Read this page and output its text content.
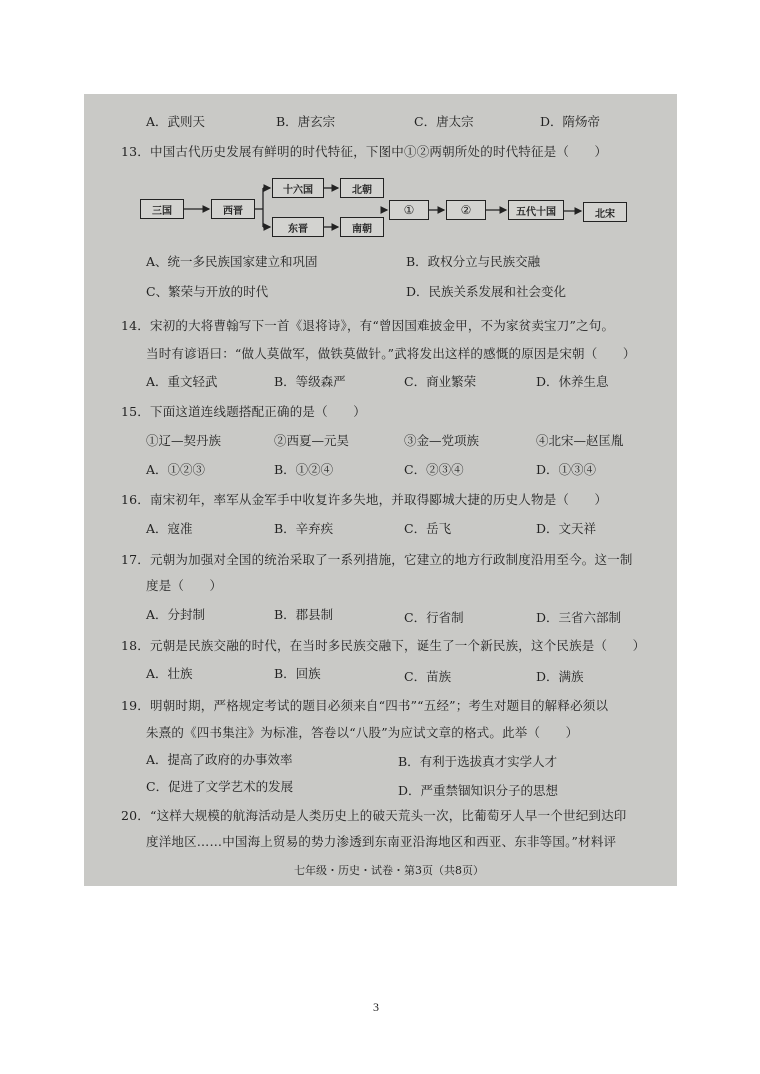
A．武则天	B．唐玄宗	C．唐太宗	D．隋炀帝
13．中国古代历史发展有鲜明的时代特征，下图中①②两朝所处的时代特征是（　　）
三国	西晋
十六国
东晋
北朝
南朝
①	②	五代十国	北宋
A、统一多民族国家建立和巩固	B．政权分立与民族交融
C、繁荣与开放的时代	D．民族关系发展和社会变化
14．宋初的大将曹翰写下一首《退将诗》，有“曾因国难披金甲，不为家贫卖宝刀”之句。
当时有谚语曰：“做人莫做军，做铁莫做针。”武将发出这样的感慨的原因是宋朝（　　）
A．重文轻武	B．等级森严	C．商业繁荣	D．休养生息
15．下面这道连线题搭配正确的是（　　）
①辽—契丹族	②西夏—元昊	③金—党项族	④北宋—赵匡胤
A．①②③	B．①②④	C．②③④	D．①③④
16．南宋初年，率军从金军手中收复许多失地，并取得郾城大捷的历史人物是（　　）
A．寇准	B．辛弃疾	C．岳飞	D．文天祥
17．元朝为加强对全国的统治采取了一系列措施，它建立的地方行政制度沿用至今。这一制
度是（　　）
A．分封制	B．郡县制	C．行省制	D．三省六部制
18．元朝是民族交融的时代，在当时多民族交融下，诞生了一个新民族，这个民族是（　　）
A．壮族	B．回族	C．苗族	D．满族
19．明朝时期，严格规定考试的题目必须来自“四书”“五经”；考生对题目的解释必须以
朱熹的《四书集注》为标准，答卷以“八股”为应试文章的格式。此举（　　）
A．提高了政府的办事效率	B．有利于选拔真才实学人才
C．促进了文学艺术的发展	D．严重禁锢知识分子的思想
20．“这样大规模的航海活动是人类历史上的破天荒头一次，比葡萄牙人早一个世纪到达印
度洋地区……中国海上贸易的势力渗透到东南亚沿海地区和西亚、东非等国。”材料评
七年级・历史・试卷・第3页（共8页）
3
